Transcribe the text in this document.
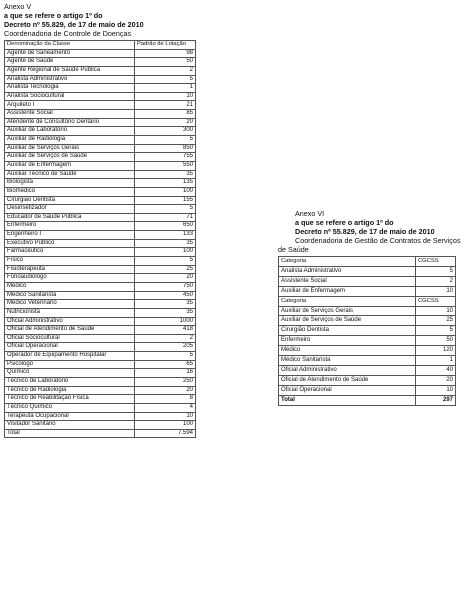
Anexo V
a que se refere o artigo 1º do
Decreto nº 55.829, de 17 de maio de 2010
Coordenadoria de Controle de Doenças
Denominação da Classe	Padrão de Lotação
Agente de Saneamento	98
Agente de Saúde	50
Agente Regional de Saúde Pública	2
Analista Administrativo	5
Analista Tecnologia	1
Analista Sociocultural	10
Arquiteto I	21
Assistente Social	85
Atendente de Consultório Dentário	20
Auxiliar de Laboratório	300
Auxiliar de Radiologia	5
Auxiliar de Serviços Gerais	850
Auxiliar de Serviços de Saúde	755
Auxiliar de Enfermagem	550
Auxiliar Técnico de Saúde	35
Biologista	135
Biomédico	100
Cirurgião Dentista	155
Desinsetizador	5
Educador de Saúde Pública	71
Enfermeiro	650
Engenheiro I	133
Executivo Público	35
Farmacêutico	100
Físico	5
Fisioterapeuta	25
Fonoaudiólogo	20
Médico	750
Médico Sanitarista	450
Médico Veterinário	35
Nutricionista	35
Oficial Administrativo	1000
Oficial de Atendimento de Saúde	418
Oficial Sociocultural	2
Oficial Operacional	205
Operador de Equipamento Hospitalar	5
Psicólogo	65
Químico	16
Técnico de Laboratório	250
Técnico de Radiologia	20
Técnico de Reabilitação Física	8
Técnico Químico	4
Terapeuta Ocupacional	10
Visitador Sanitário	100
Total	7.594
Anexo VI
a que se refere o artigo 1º do
Decreto nº 55.829, de 17 de maio de 2010
Coordenadoria de Gestão de Contratos de Serviços
de Saúde
Categoria	CGCSS
Analista Administrativo	5
Assistente Social	2
Auxiliar de Enfermagem	10
Categoria	CGCSS
Auxiliar de Serviços Gerais	10
Auxiliar de Serviços de Saúde	25
Cirurgião Dentista	5
Enfermeiro	50
Médico	120
Médico Sanitarista	1
Oficial Administrativo	40
Oficial de Atendimento de Saúde	20
Oficial Operacional	10
Total	297
